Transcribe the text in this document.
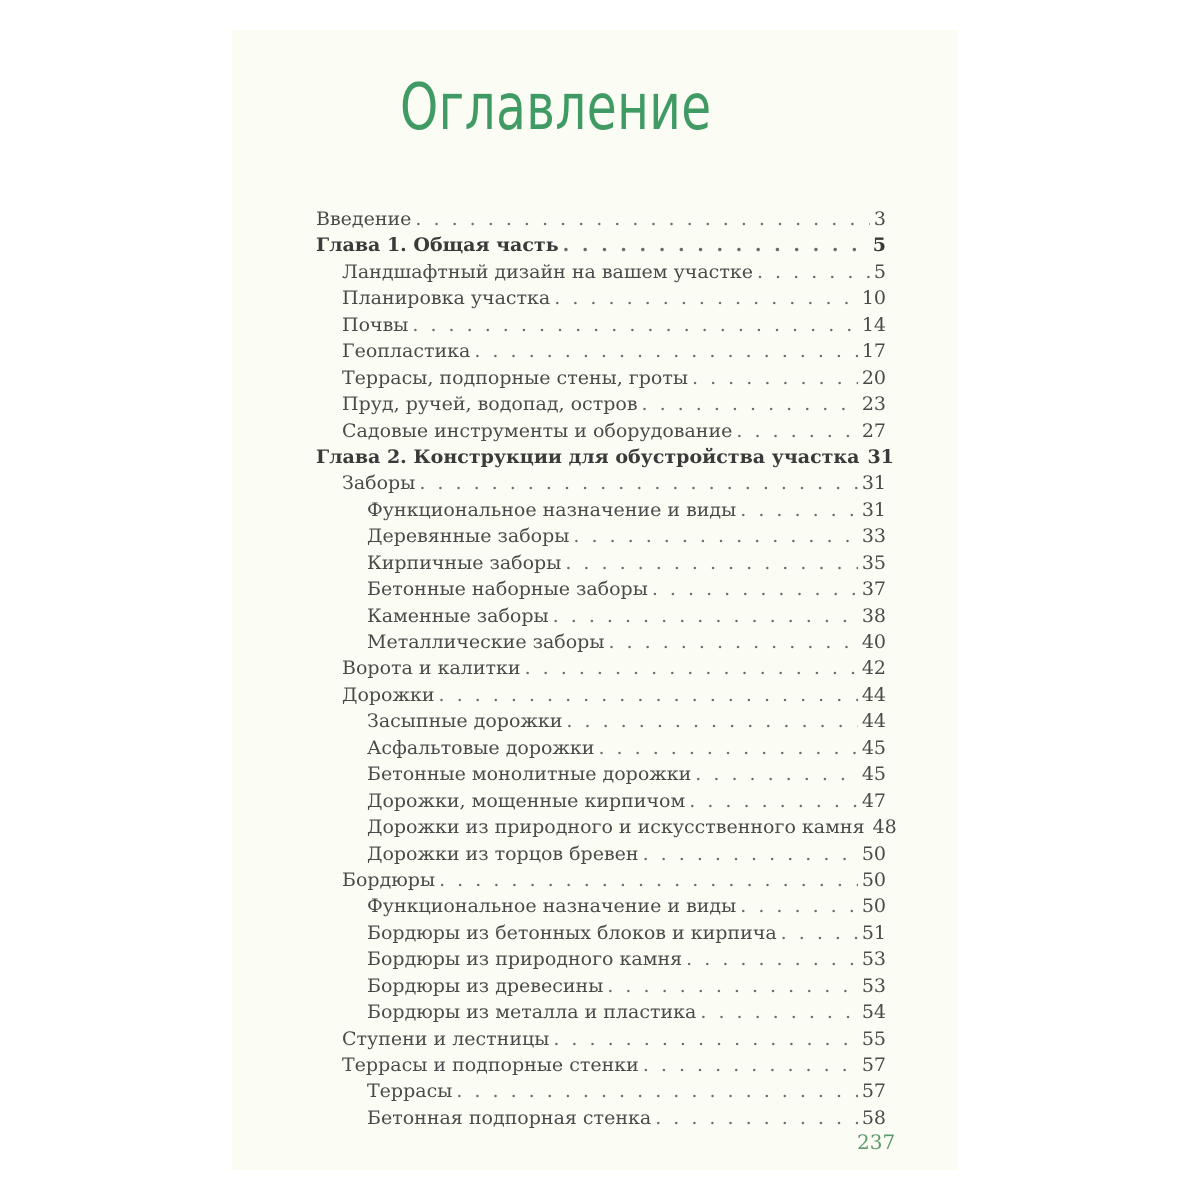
Оглавление
Введение . . .	3
Глава 1. Общая часть . . .	5
Ландшафтный дизайн на вашем участке . . .	5
Планировка участка . . .	10
Почвы . . .	14
Геопластика . . .	17
Террасы, подпорные стены, гроты . . .	20
Пруд, ручей, водопад, остров . . .	23
Садовые инструменты и оборудование . . .	27
Глава 2. Конструкции для обустройства участка 31
Заборы . . .	31
Функциональное назначение и виды . . .	31
Деревянные заборы . . .	33
Кирпичные заборы . . .	35
Бетонные наборные заборы . . .	37
Каменные заборы . . .	38
Металлические заборы . . .	40
Ворота и калитки . . .	42
Дорожки . . .	44
Засыпные дорожки . . .	44
Асфальтовые дорожки . . .	45
Бетонные монолитные дорожки . . .	45
Дорожки, мощенные кирпичом . . .	47
Дорожки из природного и искусственного камня 48
Дорожки из торцов бревен . . .	50
Бордюры . . .	50
Функциональное назначение и виды . . .	50
Бордюры из бетонных блоков и кирпича . . .	51
Бордюры из природного камня . . .	53
Бордюры из древесины . . .	53
Бордюры из металла и пластика . . .	54
Ступени и лестницы . . .	55
Террасы и подпорные стенки . . .	57
Террасы . . .	57
Бетонная подпорная стенка . . .	58
237
